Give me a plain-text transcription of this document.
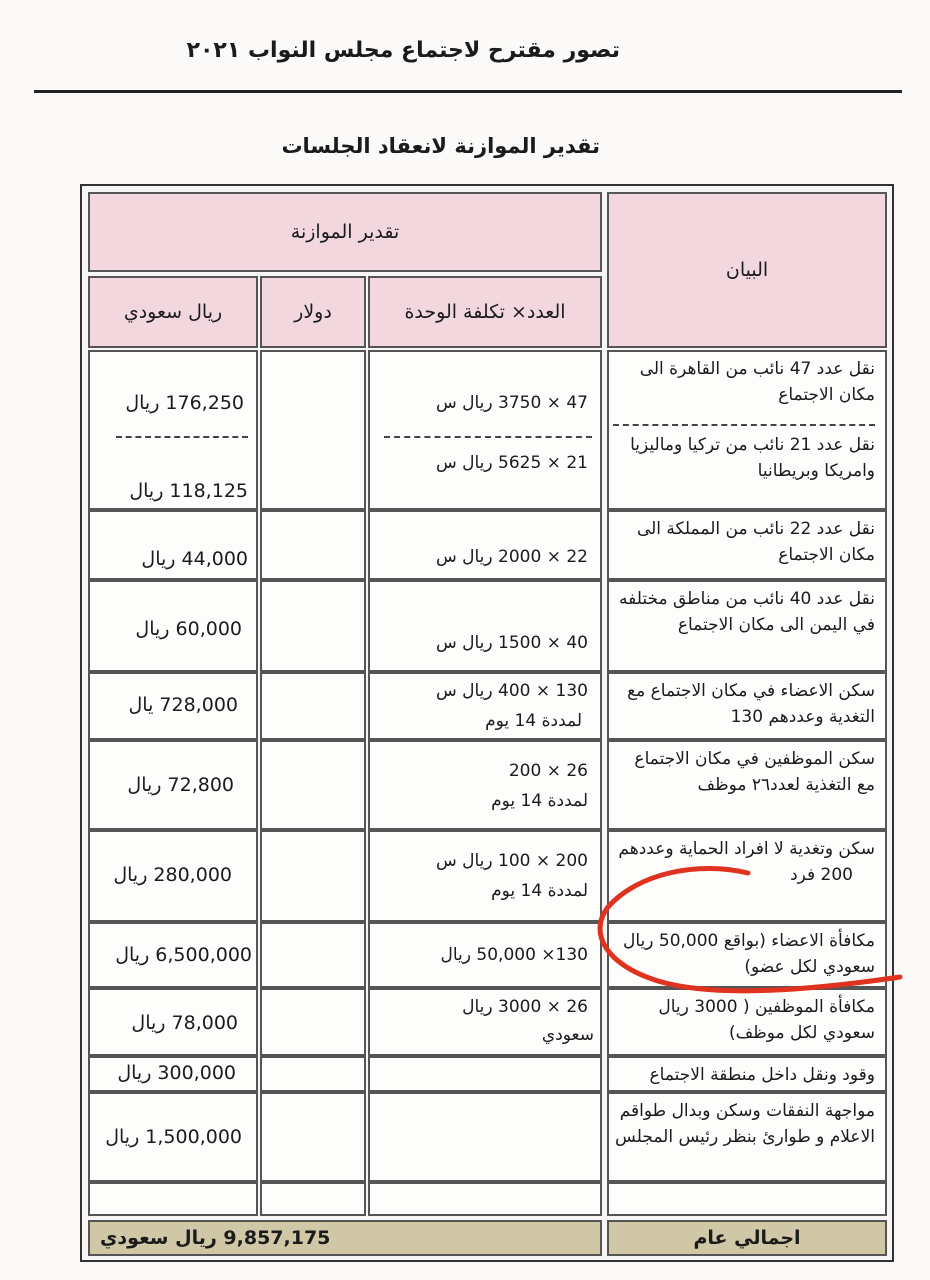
تصور مقترح لاجتماع مجلس النواب ٢٠٢١
تقدير الموازنة لانعقاد الجلسات
البيان
تقدير الموازنة
العدد× تكلفة الوحدة
دولار
ريال سعودي
نقل عدد 47 نائب من القاهرة الى مكان الاجتماع
نقل عدد 21 نائب من تركيا وماليزيا وامريكا وبريطانيا
47 × 3750 ريال س
21 × 5625 ريال س
176,250 ريال
118,125 ريال
نقل عدد 22 نائب من المملكة الى مكان الاجتماع
22 × 2000 ريال س
44,000 ريال
نقل عدد 40 نائب من مناطق مختلفه في اليمن الى مكان الاجتماع
40 × 1500 ريال س
60,000 ريال
سكن الاعضاء في مكان الاجتماع مع التغدية وعددهم 130
130 × 400 ريال س
لمددة 14 يوم
728,000 يال
سكن الموظفين في مكان الاجتماع مع التغذية لعدد٢٦ موظف
26 × 200
لمددة 14 يوم
72,800 ريال
سكن وتغدية لا افراد الحماية وعددهم
200 فرد
200 × 100 ريال س
لمددة 14 يوم
280,000 ريال
مكافأة الاعضاء (بواقع 50,000 ريال سعودي لكل عضو)
130× 50,000 ريال
6,500,000 ريال
مكافأة الموظفين ( 3000 ريال سعودي لكل موظف)
26 × 3000 ريال
سعودي
78,000 ريال
وقود ونقل داخل منطقة الاجتماع
300,000 ريال
مواجهة النفقات وسكن وبدال طواقم الاعلام و طوارئ بنظر رئيس المجلس
1,500,000 ريال
اجمالي عام
9,857,175 ريال سعودي
